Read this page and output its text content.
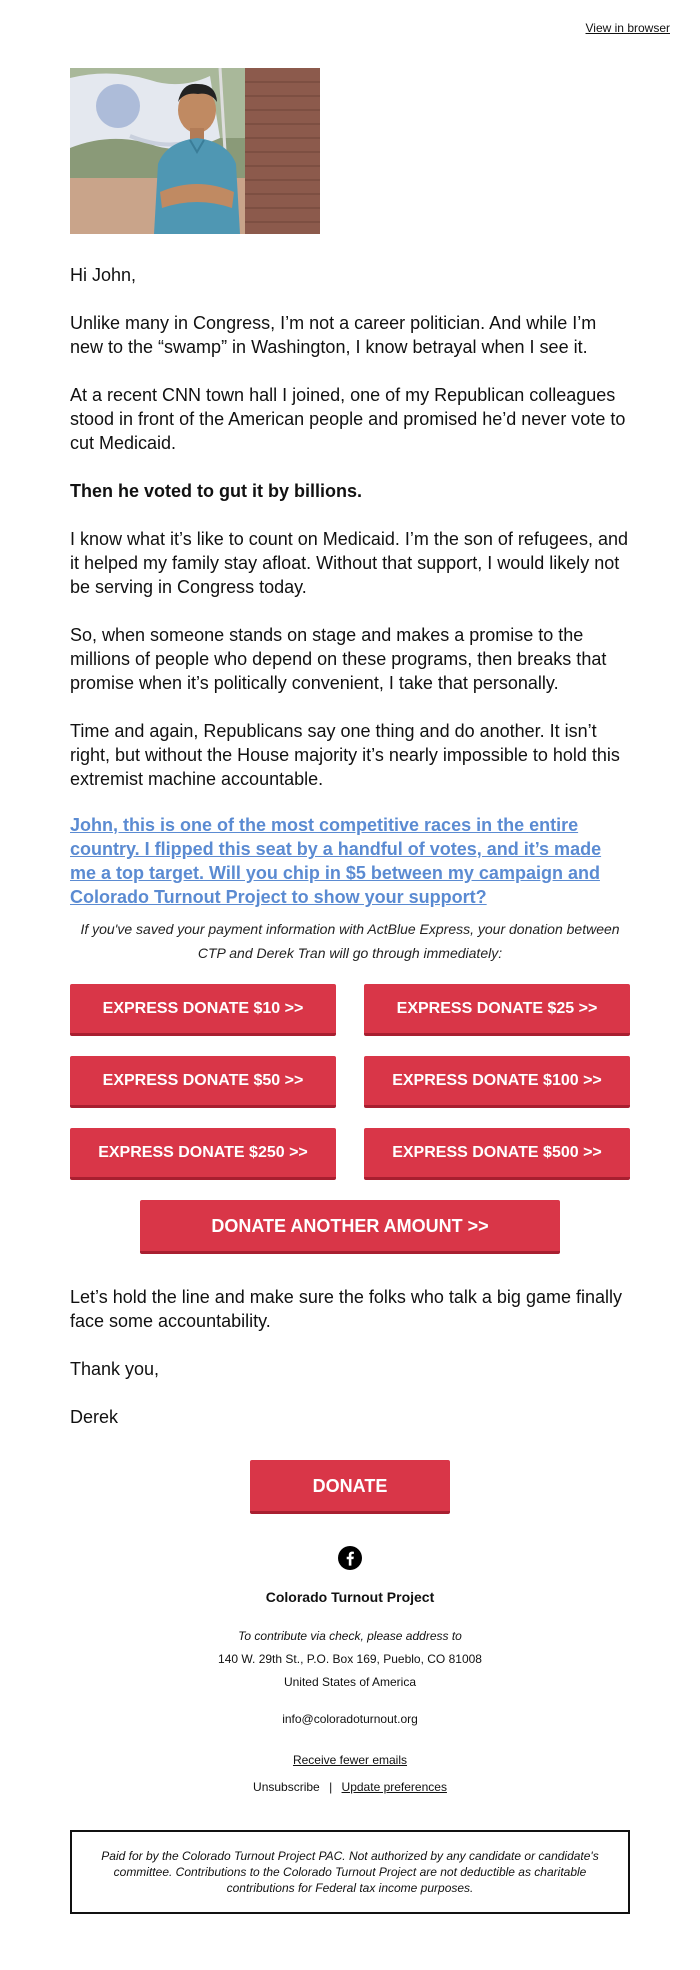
View in browser

Hi John,

Unlike many in Congress, I’m not a career politician. And while I’m new to the “swamp” in Washington, I know betrayal when I see it.

At a recent CNN town hall I joined, one of my Republican colleagues stood in front of the American people and promised he’d never vote to cut Medicaid.

Then he voted to gut it by billions.

I know what it’s like to count on Medicaid. I’m the son of refugees, and it helped my family stay afloat. Without that support, I would likely not be serving in Congress today.

So, when someone stands on stage and makes a promise to the millions of people who depend on these programs, then breaks that promise when it’s politically convenient, I take that personally.

Time and again, Republicans say one thing and do another. It isn’t right, but without the House majority it’s nearly impossible to hold this extremist machine accountable.

John, this is one of the most competitive races in the entire country. I flipped this seat by a handful of votes, and it’s made me a top target. Will you chip in $5 between my campaign and Colorado Turnout Project to show your support?

If you've saved your payment information with ActBlue Express, your donation between CTP and Derek Tran will go through immediately:
EXPRESS DONATE $10 >>	EXPRESS DONATE $25 >>
EXPRESS DONATE $50 >>	EXPRESS DONATE $100 >>
EXPRESS DONATE $250 >>	EXPRESS DONATE $500 >>
DONATE ANOTHER AMOUNT >>

Let’s hold the line and make sure the folks who talk a big game finally face some accountability.

Thank you,

Derek

DONATE
Colorado Turnout Project
To contribute via check, please address to
140 W. 29th St., P.O. Box 169, Pueblo, CO 81008
United States of America
info@coloradoturnout.org
Receive fewer emails
Unsubscribe | Update preferences
Paid for by the Colorado Turnout Project PAC. Not authorized by any candidate or candidate's committee. Contributions to the Colorado Turnout Project are not deductible as charitable contributions for Federal tax income purposes.
